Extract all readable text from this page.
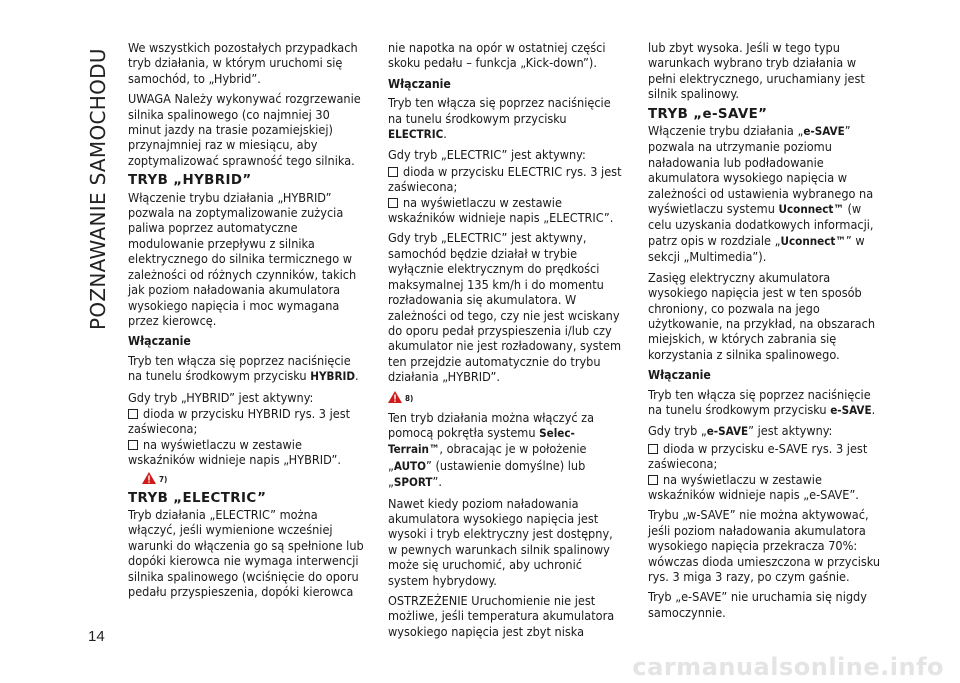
POZNAWANIE SAMOCHODU
14

We wszystkich pozostałych przypadkach tryb działania, w którym uruchomi się samochód, to „Hybrid”.

UWAGA Należy wykonywać rozgrzewanie silnika spalinowego (co najmniej 30 minut jazdy na trasie pozamiejskiej) przynajmniej raz w miesiącu, aby zoptymalizować sprawność tego silnika.

TRYB „HYBRID”

Włączenie trybu działania „HYBRID” pozwala na zoptymalizowanie zużycia paliwa poprzez automatyczne modulowanie przepływu z silnika elektrycznego do silnika termicznego w zależności od różnych czynników, takich jak poziom naładowania akumulatora wysokiego napięcia i moc wymagana przez kierowcę.

Włączanie

Tryb ten włącza się poprzez naciśnięcie na tunelu środkowym przycisku HYBRID.

Gdy tryb „HYBRID” jest aktywny:

dioda w przycisku HYBRID rys. 3 jest zaświecona;
na wyświetlaczu w zestawie wskaźników widnieje napis „HYBRID”.
7)
TRYB „ELECTRIC”

Tryb działania „ELECTRIC” można włączyć, jeśli wymienione wcześniej warunki do włączenia go są spełnione lub dopóki kierowca nie wymaga interwencji silnika spalinowego (wciśnięcie do oporu pedału przyspieszenia, dopóki kierowca

nie napotka na opór w ostatniej części skoku pedału – funkcja „Kick-down”).

Włączanie

Tryb ten włącza się poprzez naciśnięcie na tunelu środkowym przycisku ELECTRIC.

Gdy tryb „ELECTRIC” jest aktywny:

dioda w przycisku ELECTRIC rys. 3 jest zaświecona;
na wyświetlaczu w zestawie wskaźników widnieje napis „ELECTRIC”.

Gdy tryb „ELECTRIC” jest aktywny, samochód będzie działał w trybie wyłącznie elektrycznym do prędkości maksymalnej 135 km/h i do momentu rozładowania się akumulatora. W zależności od tego, czy nie jest wciskany do oporu pedał przyspieszenia i/lub czy akumulator nie jest rozładowany, system ten przejdzie automatycznie do trybu działania „HYBRID”.

8)

Ten tryb działania można włączyć za pomocą pokrętła systemu Selec-Terrain™, obracając je w położenie „AUTO” (ustawienie domyślne) lub „SPORT”.

Nawet kiedy poziom naładowania akumulatora wysokiego napięcia jest wysoki i tryb elektryczny jest dostępny, w pewnych warunkach silnik spalinowy może się uruchomić, aby uchronić system hybrydowy.

OSTRZEŻENIE Uruchomienie nie jest możliwe, jeśli temperatura akumulatora wysokiego napięcia jest zbyt niska

lub zbyt wysoka. Jeśli w tego typu warunkach wybrano tryb działania w pełni elektrycznego, uruchamiany jest silnik spalinowy.

TRYB „e-SAVE”

Włączenie trybu działania „e-SAVE” pozwala na utrzymanie poziomu naładowania lub podładowanie akumulatora wysokiego napięcia w zależności od ustawienia wybranego na wyświetlaczu systemu Uconnect™ (w celu uzyskania dodatkowych informacji, patrz opis w rozdziale „Uconnect™” w sekcji „Multimedia”).

Zasięg elektryczny akumulatora wysokiego napięcia jest w ten sposób chroniony, co pozwala na jego użytkowanie, na przykład, na obszarach miejskich, w których zabrania się korzystania z silnika spalinowego.

Włączanie

Tryb ten włącza się poprzez naciśnięcie na tunelu środkowym przycisku e-SAVE.

Gdy tryb „e-SAVE” jest aktywny:

dioda w przycisku e-SAVE rys. 3 jest zaświecona;
na wyświetlaczu w zestawie wskaźników widnieje napis „e-SAVE”.

Trybu „w-SAVE” nie można aktywować, jeśli poziom naładowania akumulatora wysokiego napięcia przekracza 70%: wówczas dioda umieszczona w przycisku rys. 3 miga 3 razy, po czym gaśnie.

Tryb „e-SAVE” nie uruchamia się nigdy samoczynnie.

carmanualsonline.info
